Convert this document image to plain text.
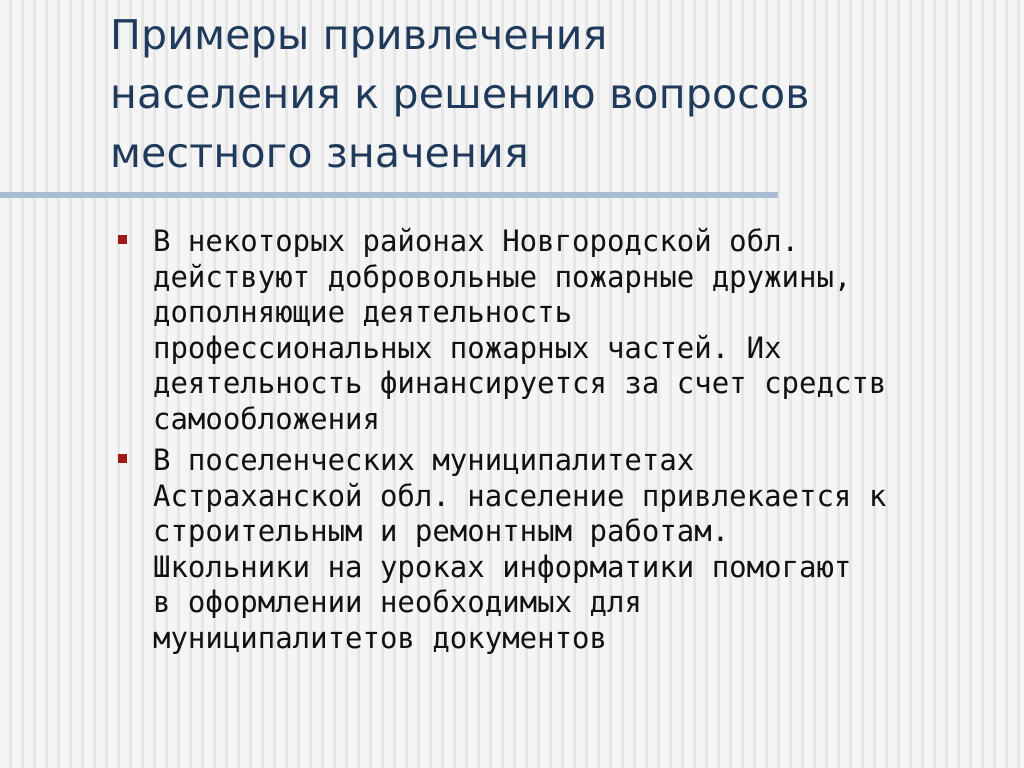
Примеры привлечения
населения к решению вопросов
местного значения

В некоторых районах Новгородской обл.
действуют добровольные пожарные дружины,
дополняющие деятельность
профессиональных пожарных частей. Их
деятельность финансируется за счет средств
самообложения

В поселенческих муниципалитетах
Астраханской обл. население привлекается к
строительным и ремонтным работам.
Школьники на уроках информатики помогают
в оформлении необходимых для
муниципалитетов документов
